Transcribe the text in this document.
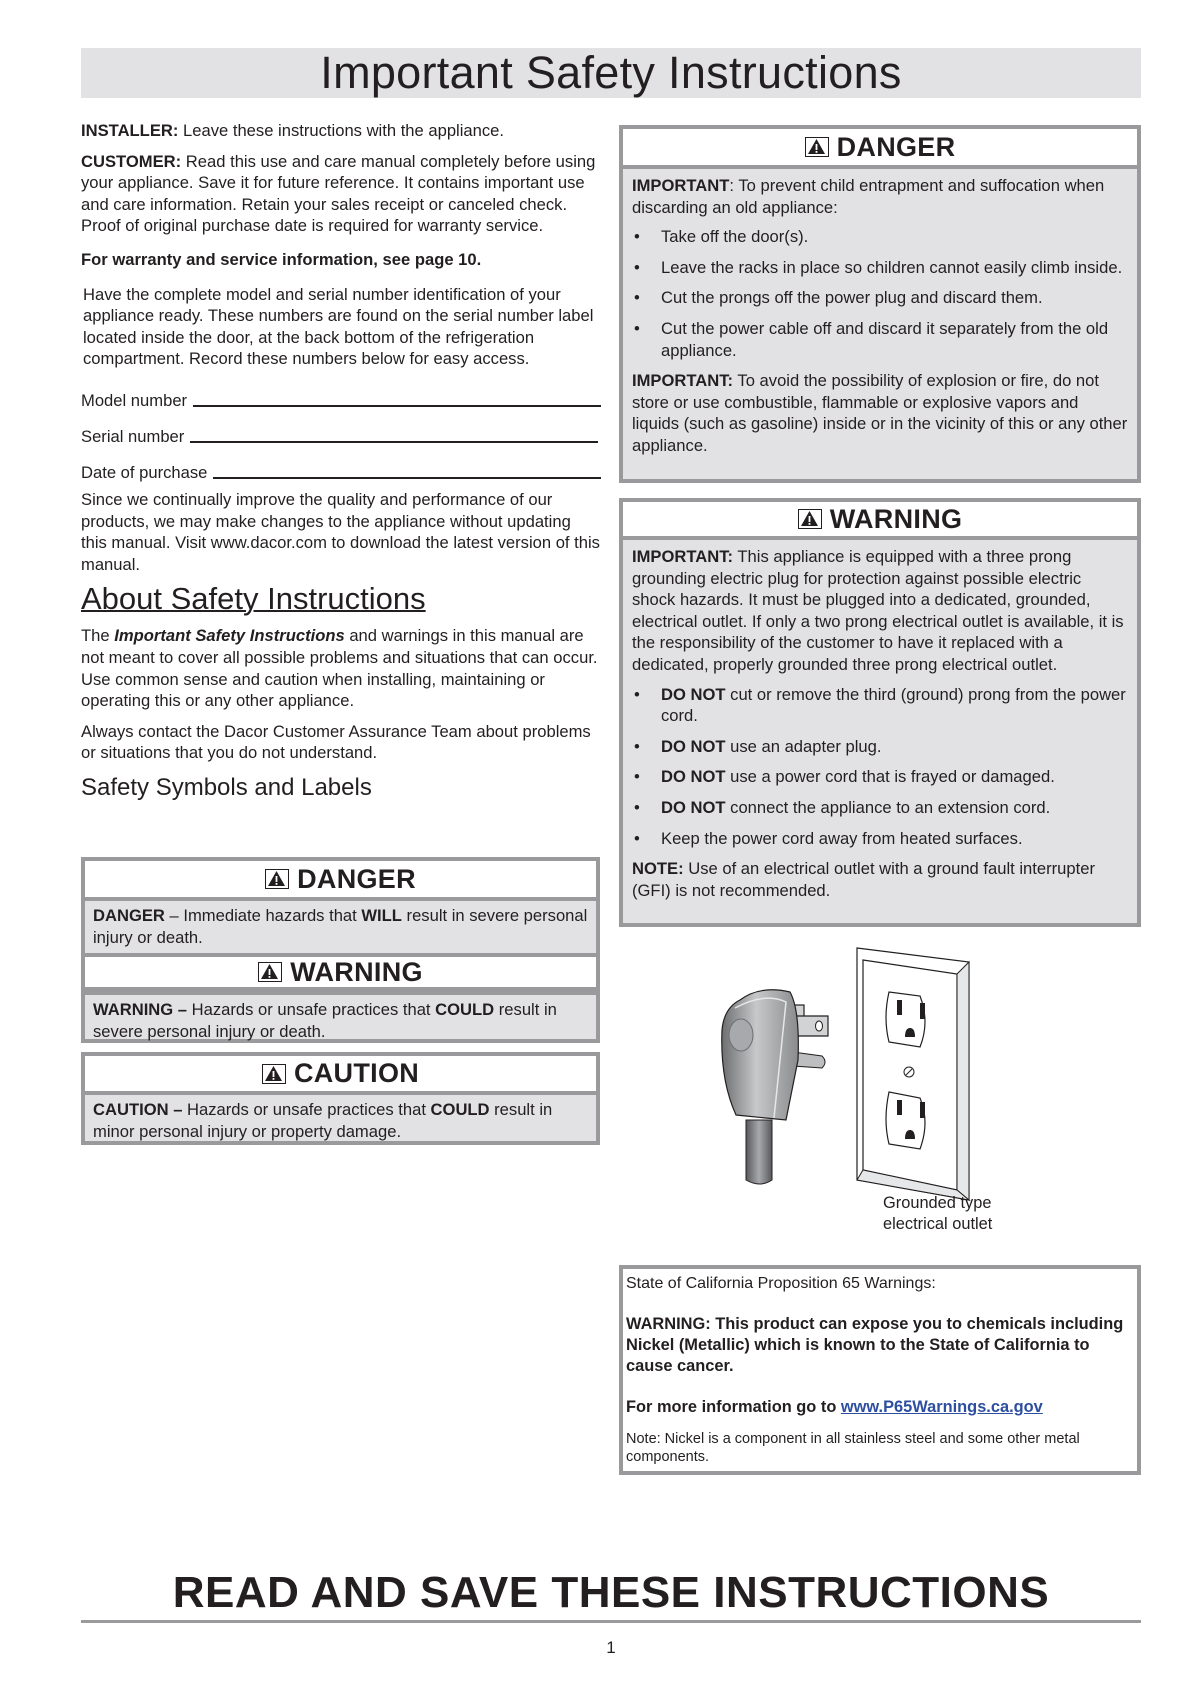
Important Safety Instructions

INSTALLER: Leave these instructions with the appliance.

CUSTOMER: Read this use and care manual completely before using your appliance. Save it for future reference. It contains important use and care information. Retain your sales receipt or canceled check. Proof of original purchase date is required for warranty service.

For warranty and service information, see page 10.

Have the complete model and serial number identification of your appliance ready. These numbers are found on the serial number label located inside the door, at the back bottom of the refrigeration compartment. Record these numbers below for easy access.

Model number
Serial number
Date of purchase

Since we continually improve the quality and performance of our products, we may make changes to the appliance without updating this manual. Visit www.dacor.com to download the latest version of this manual.

About Safety Instructions

The Important Safety Instructions and warnings in this manual are not meant to cover all possible problems and situations that can occur. Use common sense and caution when installing, maintaining or operating this or any other appliance.

Always contact the Dacor Customer Assurance Team about problems or situations that you do not understand.

Safety Symbols and Labels
DANGER

DANGER – Immediate hazards that WILL result in severe personal injury or death.

WARNING

WARNING – Hazards or unsafe practices that COULD result in severe personal injury or death.

CAUTION

CAUTION – Hazards or unsafe practices that COULD result in minor personal injury or property damage.

DANGER

IMPORTANT: To prevent child entrapment and suffocation when discarding an old appliance:

• Take off the door(s).
• Leave the racks in place so children cannot easily climb inside.
• Cut the prongs off the power plug and discard them.
• Cut the power cable off and discard it separately from the old appliance.

IMPORTANT: To avoid the possibility of explosion or fire, do not store or use combustible, flammable or explosive vapors and liquids (such as gasoline) inside or in the vicinity of this or any other appliance.

WARNING

IMPORTANT: This appliance is equipped with a three prong grounding electric plug for protection against possible electric shock hazards. It must be plugged into a dedicated, grounded, electrical outlet. If only a two prong electrical outlet is available, it is the responsibility of the customer to have it replaced with a dedicated, properly grounded three prong electrical outlet.

• DO NOT cut or remove the third (ground) prong from the power cord.
• DO NOT use an adapter plug.
• DO NOT use a power cord that is frayed or damaged.
• DO NOT connect the appliance to an extension cord.
• Keep the power cord away from heated surfaces.

NOTE: Use of an electrical outlet with a ground fault interrupter (GFI) is not recommended.

Grounded type
electrical outlet

State of California Proposition 65 Warnings:

WARNING: This product can expose you to chemicals including Nickel (Metallic) which is known to the State of California to cause cancer.

For more information go to www.P65Warnings.ca.gov

Note: Nickel is a component in all stainless steel and some other metal components.

READ AND SAVE THESE INSTRUCTIONS
1
